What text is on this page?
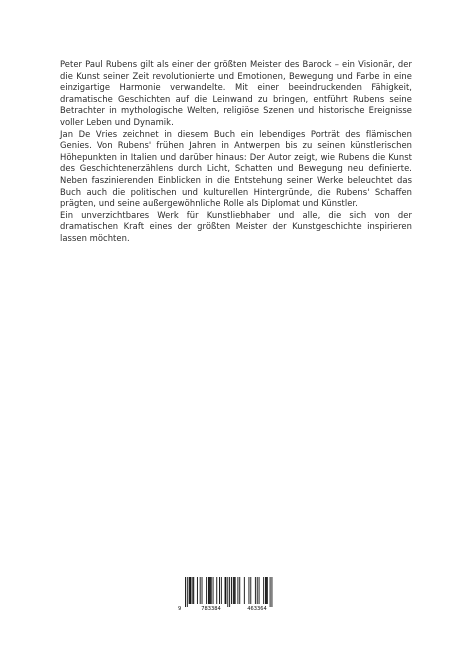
Peter Paul Rubens gilt als einer der größten Meister des Barock – ein Visionär, der die Kunst seiner Zeit revolutionierte und Emotionen, Bewegung und Farbe in eine einzigartige Harmonie verwandelte. Mit einer beeindruckenden Fähigkeit, dramatische Geschichten auf die Leinwand zu bringen, entführt Rubens seine Betrachter in mythologische Welten, religiöse Szenen und historische Ereignisse voller Leben und Dynamik.

Jan De Vries zeichnet in diesem Buch ein lebendiges Porträt des flämischen Genies. Von Rubens' frühen Jahren in Antwerpen bis zu seinen künstlerischen Höhepunkten in Italien und darüber hinaus: Der Autor zeigt, wie Rubens die Kunst des Geschichtenerzählens durch Licht, Schatten und Bewegung neu definierte. Neben faszinierenden Einblicken in die Entstehung seiner Werke beleuchtet das Buch auch die politischen und kulturellen Hintergründe, die Rubens' Schaffen prägten, und seine außergewöhnliche Rolle als Diplomat und Künstler.

Ein unverzichtbares Werk für Kunstliebhaber und alle, die sich von der dramatischen Kraft eines der größten Meister der Kunstgeschichte inspirieren lassen möchten.

9	783384	463364
